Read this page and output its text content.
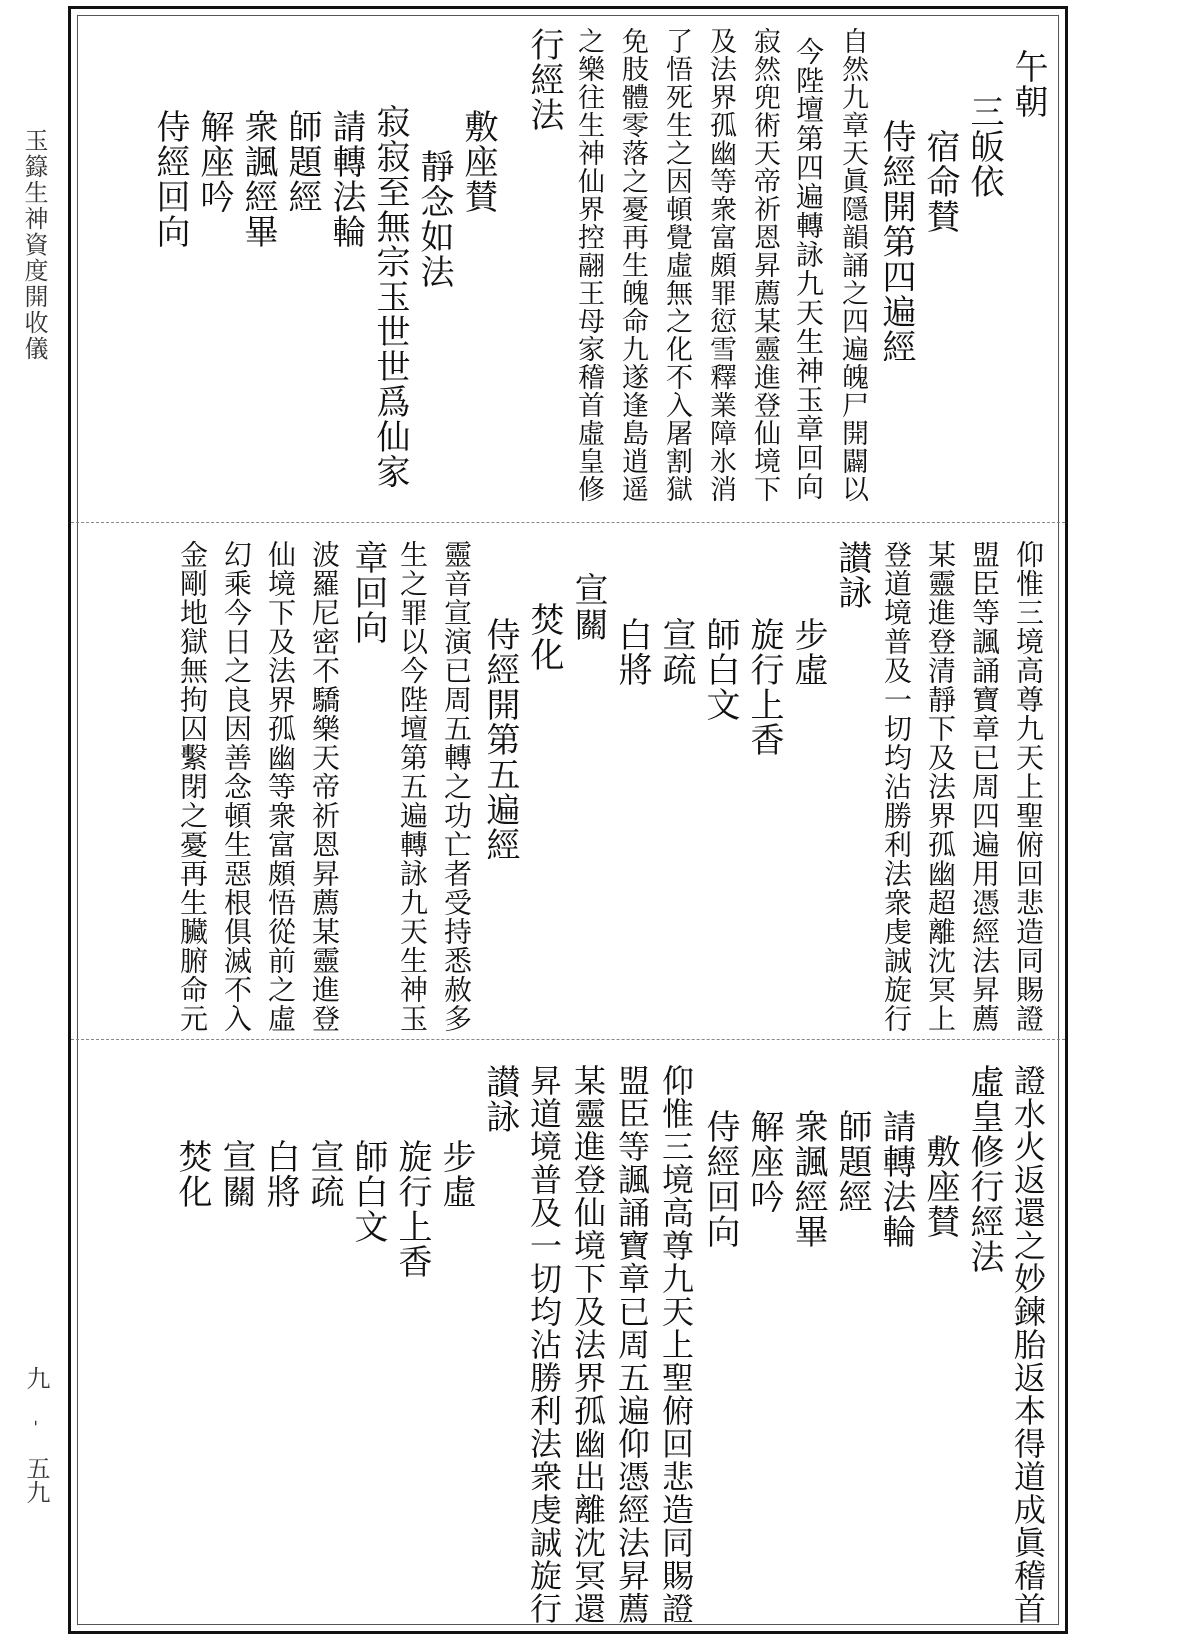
玉籙生神資度開收儀
九
-
五九
午朝
三皈依
宿命賛
侍經開第四遍經
自然九章天眞隱韻誦之四遍魄尸開闢以
今陛壇第四遍轉詠九天生神玉章回向
寂然兜術天帝祈恩昇薦某靈進登仙境下
及法界孤幽等衆富頗罪愆雪釋業障氷消
了悟死生之因頓覺虛無之化不入屠割獄
免肢體零落之憂再生魄命九遂逢島逍遥
之樂往生神仙界控翮王母家稽首虛皇修
行經法
敷座賛
靜念如法
寂寂至無宗玉世世爲仙家
請轉法輪
師題經
衆諷經畢
解座吟
侍經回向
仰惟三境高尊九天上聖俯回悲造同賜證
盟臣等諷誦寶章已周四遍用憑經法昇薦
某靈進登清靜下及法界孤幽超離沈冥上
登道境普及一切均沾勝利法衆虔誠旋行
讃詠
步虛
旋行上香
師白文
宣疏
白將
宣關
焚化
侍經開第五遍經
靈音宣演已周五轉之功亡者受持悉赦多
生之罪以今陛壇第五遍轉詠九天生神玉
章回向
波羅尼密不驕樂天帝祈恩昇薦某靈進登
仙境下及法界孤幽等衆富頗悟從前之虛
幻乘今日之良因善念頓生惡根俱滅不入
金剛地獄無拘囚繫閉之憂再生臟腑命元
證水火返還之妙鍊胎返本得道成眞稽首
虛皇修行經法
敷座賛
請轉法輪
師題經
衆諷經畢
解座吟
侍經回向
仰惟三境高尊九天上聖俯回悲造同賜證
盟臣等諷誦寶章已周五遍仰憑經法昇薦
某靈進登仙境下及法界孤幽出離沈冥還
昇道境普及一切均沾勝利法衆虔誠旋行
讃詠
步虛
旋行上香
師白文
宣疏
白將
宣關
焚化
